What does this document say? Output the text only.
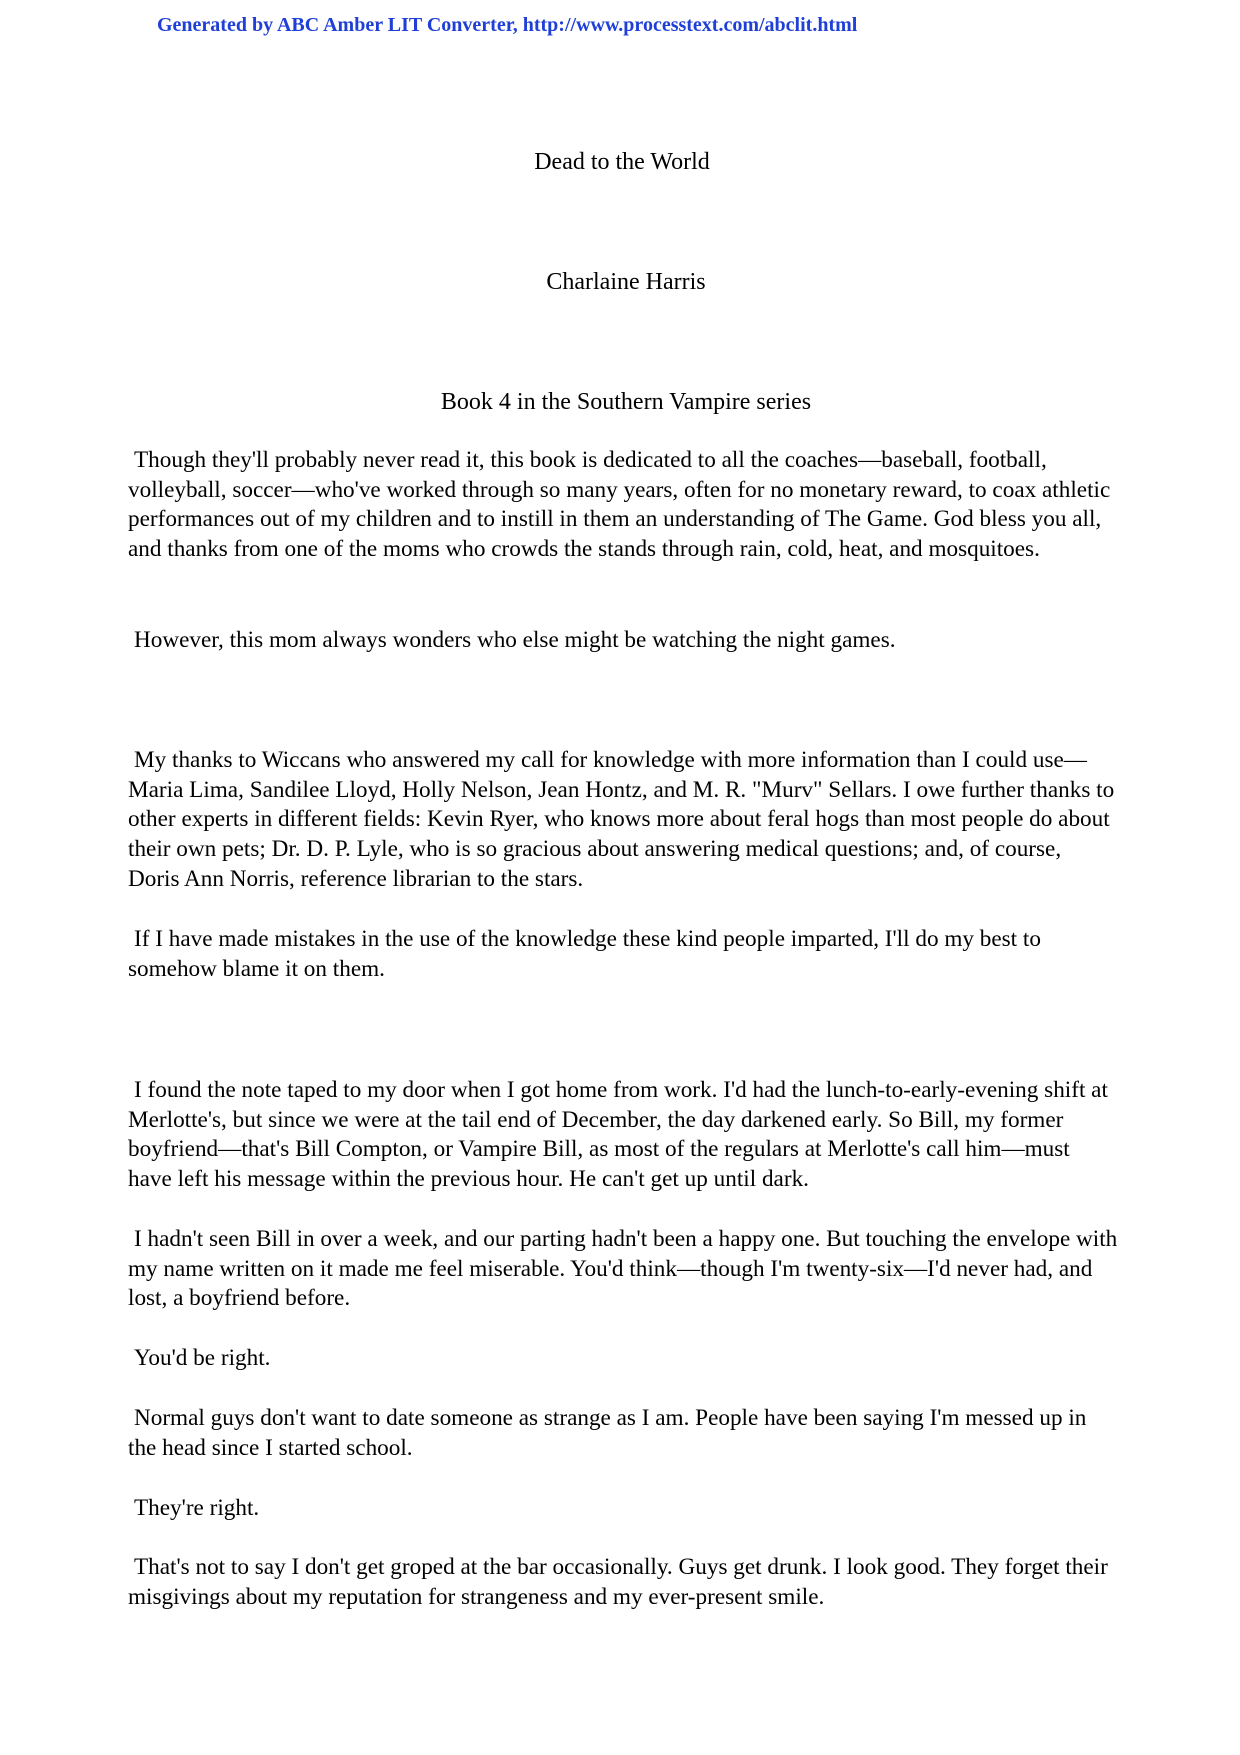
Generated by ABC Amber LIT Converter, http://www.processtext.com/abclit.html
Dead to the World
Charlaine Harris
Book 4 in the Southern Vampire series

Though they'll probably never read it, this book is dedicated to all the coaches—baseball, football, volleyball, soccer—who've worked through so many years, often for no monetary reward, to coax athletic performances out of my children and to instill in them an understanding of The Game. God bless you all, and thanks from one of the moms who crowds the stands through rain, cold, heat, and mosquitoes.

However, this mom always wonders who else might be watching the night games.

My thanks to Wiccans who answered my call for knowledge with more information than I could use—Maria Lima, Sandilee Lloyd, Holly Nelson, Jean Hontz, and M. R. "Murv" Sellars. I owe further thanks to other experts in different fields: Kevin Ryer, who knows more about feral hogs than most people do about their own pets; Dr. D. P. Lyle, who is so gracious about answering medical questions; and, of course, Doris Ann Norris, reference librarian to the stars.

If I have made mistakes in the use of the knowledge these kind people imparted, I'll do my best to somehow blame it on them.

I found the note taped to my door when I got home from work. I'd had the lunch-to-early-evening shift at Merlotte's, but since we were at the tail end of December, the day darkened early. So Bill, my former boyfriend—that's Bill Compton, or Vampire Bill, as most of the regulars at Merlotte's call him—must have left his message within the previous hour. He can't get up until dark.

I hadn't seen Bill in over a week, and our parting hadn't been a happy one. But touching the envelope with my name written on it made me feel miserable. You'd think—though I'm twenty-six—I'd never had, and lost, a boyfriend before.

You'd be right.

Normal guys don't want to date someone as strange as I am. People have been saying I'm messed up in the head since I started school.

They're right.

That's not to say I don't get groped at the bar occasionally. Guys get drunk. I look good. They forget their misgivings about my reputation for strangeness and my ever-present smile.
